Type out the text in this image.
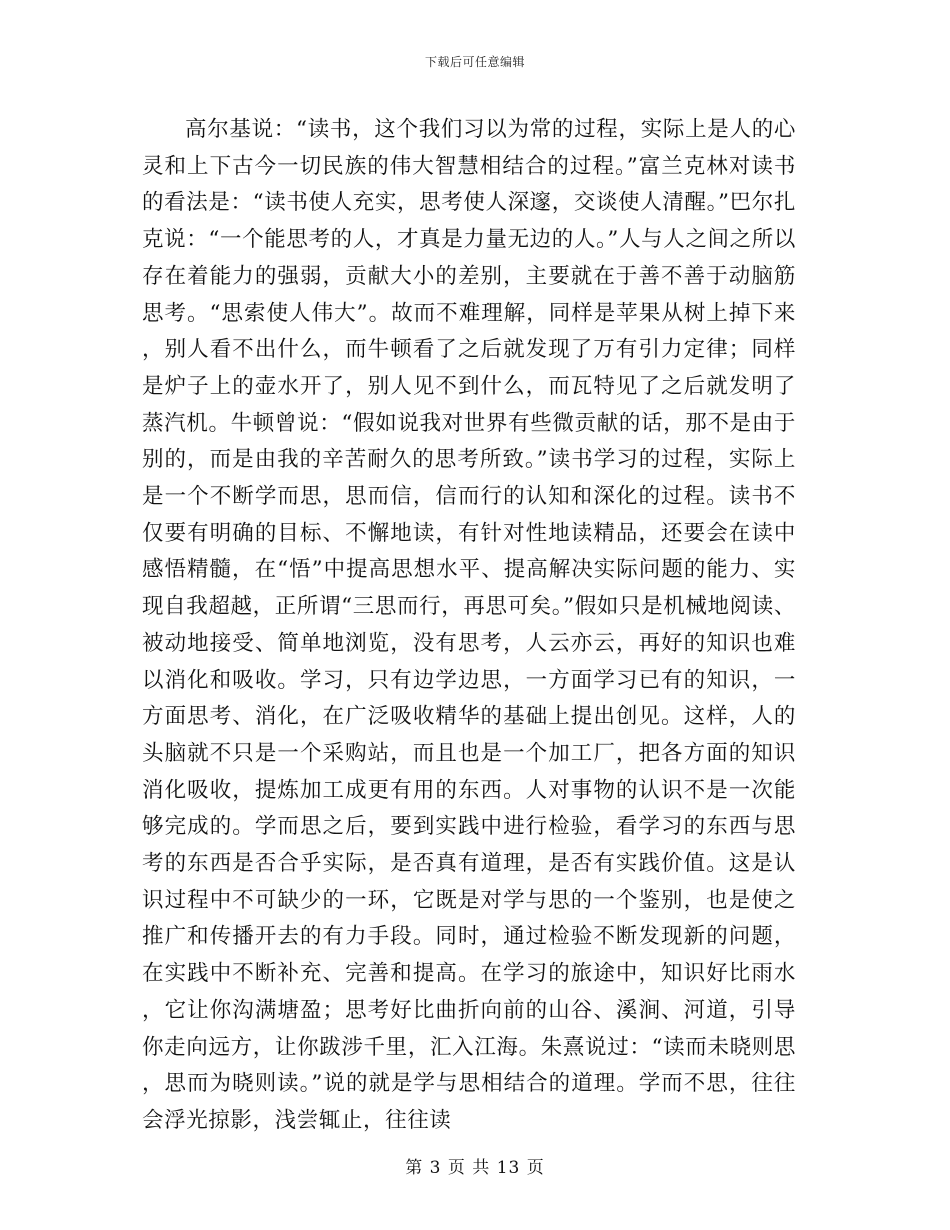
下载后可任意编辑

高尔基说：“读书，这个我们习以为常的过程，实际上是人的心灵和上下古今一切民族的伟大智慧相结合的过程。”富兰克林对读书的看法是：“读书使人充实，思考使人深邃，交谈使人清醒。”巴尔扎克说：“一个能思考的人，才真是力量无边的人。”人与人之间之所以存在着能力的强弱，贡献大小的差别，主要就在于善不善于动脑筋思考。“思索使人伟大”。故而不难理解，同样是苹果从树上掉下来，别人看不出什么，而牛顿看了之后就发现了万有引力定律；同样是炉子上的壶水开了，别人见不到什么，而瓦特见了之后就发明了蒸汽机。牛顿曾说：“假如说我对世界有些微贡献的话，那不是由于别的，而是由我的辛苦耐久的思考所致。”读书学习的过程，实际上是一个不断学而思，思而信，信而行的认知和深化的过程。读书不仅要有明确的目标、不懈地读，有针对性地读精品，还要会在读中感悟精髓，在“悟”中提高思想水平、提高解决实际问题的能力、实现自我超越，正所谓“三思而行，再思可矣。”假如只是机械地阅读、被动地接受、简单地浏览，没有思考，人云亦云，再好的知识也难以消化和吸收。学习，只有边学边思，一方面学习已有的知识，一方面思考、消化，在广泛吸收精华的基础上提出创见。这样，人的头脑就不只是一个采购站，而且也是一个加工厂，把各方面的知识消化吸收，提炼加工成更有用的东西。人对事物的认识不是一次能够完成的。学而思之后，要到实践中进行检验，看学习的东西与思考的东西是否合乎实际，是否真有道理，是否有实践价值。这是认识过程中不可缺少的一环，它既是对学与思的一个鉴别，也是使之推广和传播开去的有力手段。同时，通过检验不断发现新的问题，在实践中不断补充、完善和提高。在学习的旅途中，知识好比雨水，它让你沟满塘盈；思考好比曲折向前的山谷、溪涧、河道，引导你走向远方，让你跋涉千里，汇入江海。朱熹说过：“读而未晓则思，思而为晓则读。”说的就是学与思相结合的道理。学而不思，往往会浮光掠影，浅尝辄止，往往读

第 3 页 共 13 页
